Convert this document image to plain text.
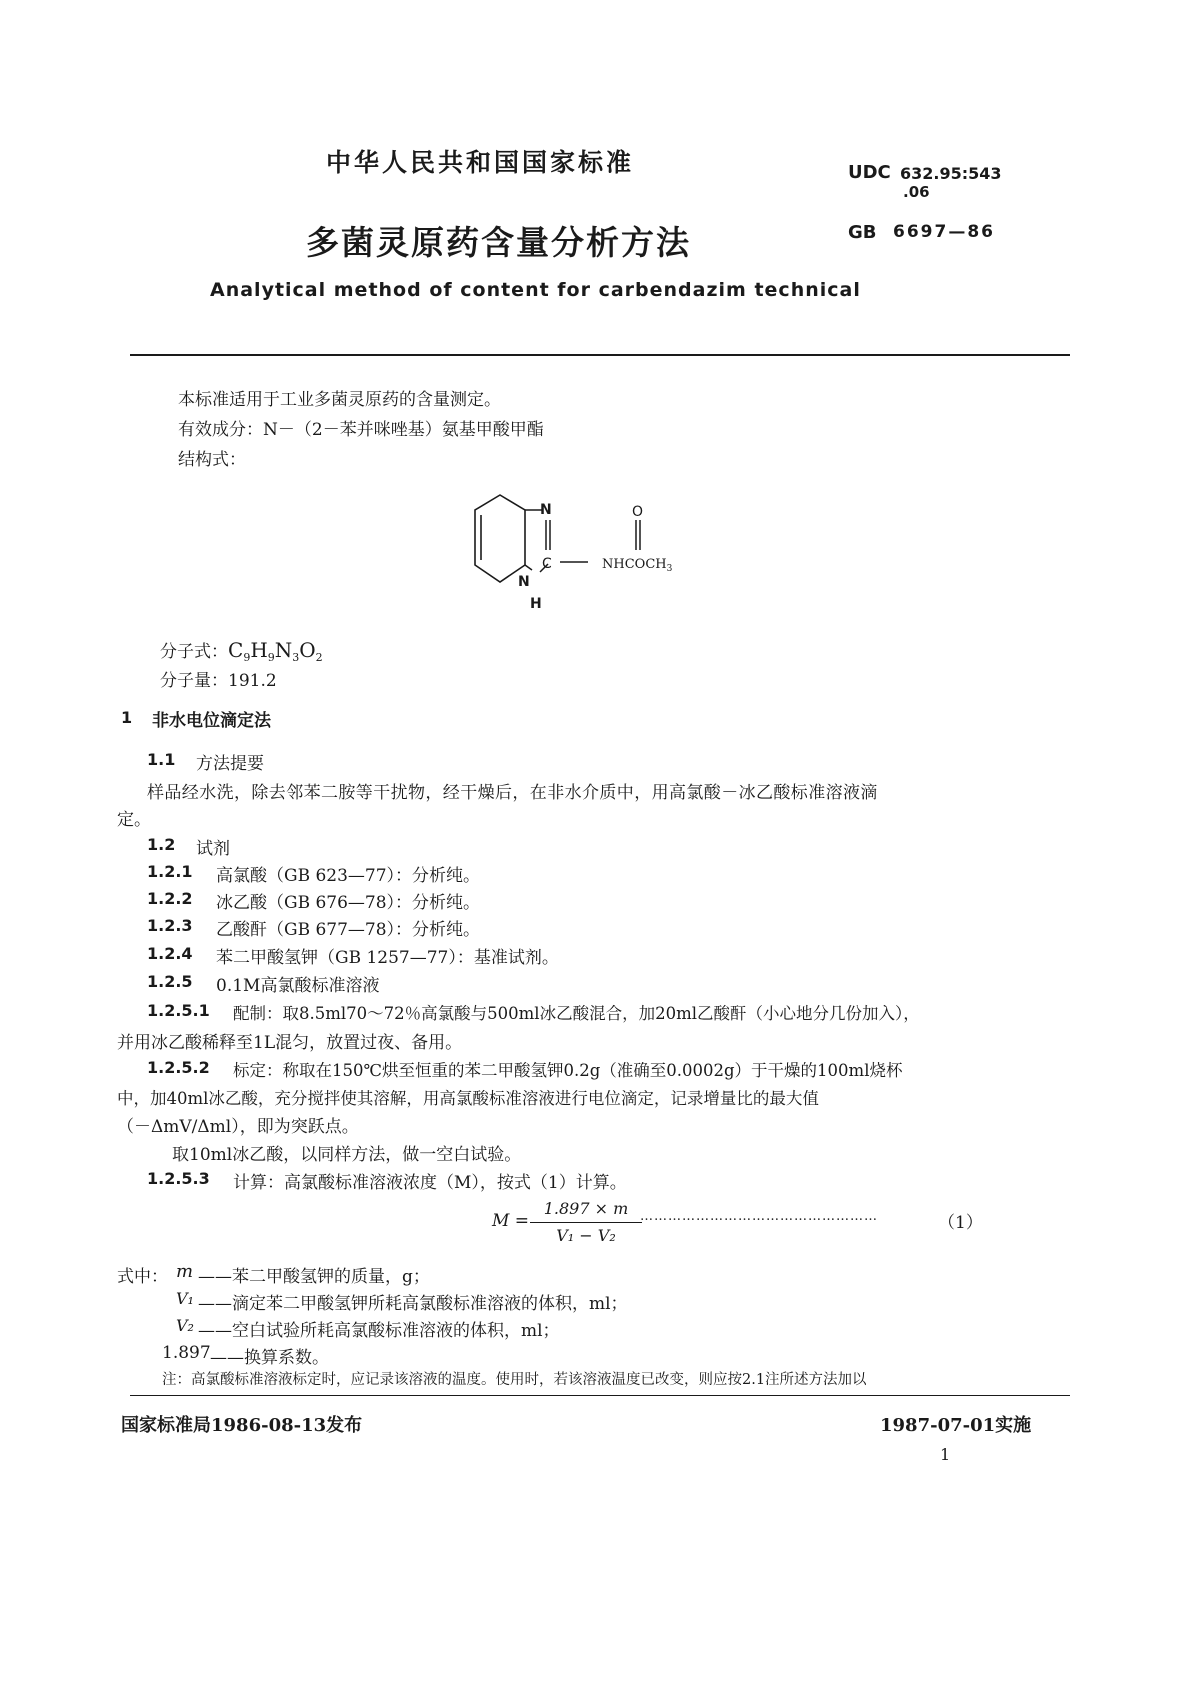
中华人民共和国国家标准	UDC 632.95:543
.06
多菌灵原药含量分析方法	GB 6697—86
Analytical method of content for carbendazim technical
本标准适用于工业多菌灵原药的含量测定。
有效成分：N－（2－苯并咪唑基）氨基甲酸甲酯
结构式：
N
C
N
H
O
$NHCOCH_3$
分子式：$C_9H_9N_3O_2$
分子量：191.2
1 非水电位滴定法
1.1 方法提要
样品经水洗，除去邻苯二胺等干扰物，经干燥后，在非水介质中，用高氯酸－冰乙酸标准溶液滴
定。
1.2 试剂
1.2.1 高氯酸（GB 623—77）：分析纯。
1.2.2 冰乙酸（GB 676—78）：分析纯。
1.2.3 乙酸酐（GB 677—78）：分析纯。
1.2.4 苯二甲酸氢钾（GB 1257—77）：基准试剂。
1.2.5 0.1M高氯酸标准溶液
1.2.5.1 配制：取8.5ml70～72％高氯酸与500ml冰乙酸混合，加20ml乙酸酐（小心地分几份加入），
并用冰乙酸稀释至1L混匀，放置过夜、备用。
1.2.5.2 标定：称取在150℃烘至恒重的苯二甲酸氢钾0.2g（准确至0.0002g）于干燥的100ml烧杯
中，加40ml冰乙酸，充分搅拌使其溶解，用高氯酸标准溶液进行电位滴定，记录增量比的最大值
（－ΔmV/Δml），即为突跃点。
取10ml冰乙酸，以同样方法，做一空白试验。
1.2.5.3 计算：高氯酸标准溶液浓度（M），按式（1）计算。
M =
1.897 × m
V₁ − V₂
……………………………………………	（1）
式中： m ——苯二甲酸氢钾的质量，g；
V₁ ——滴定苯二甲酸氢钾所耗高氯酸标准溶液的体积，ml；
V₂ ——空白试验所耗高氯酸标准溶液的体积，ml；
1.897 ——换算系数。
注：高氯酸标准溶液标定时，应记录该溶液的温度。使用时，若该溶液温度已改变，则应按2.1注所述方法加以
国家标准局1986-08-13发布	1987-07-01实施
1
